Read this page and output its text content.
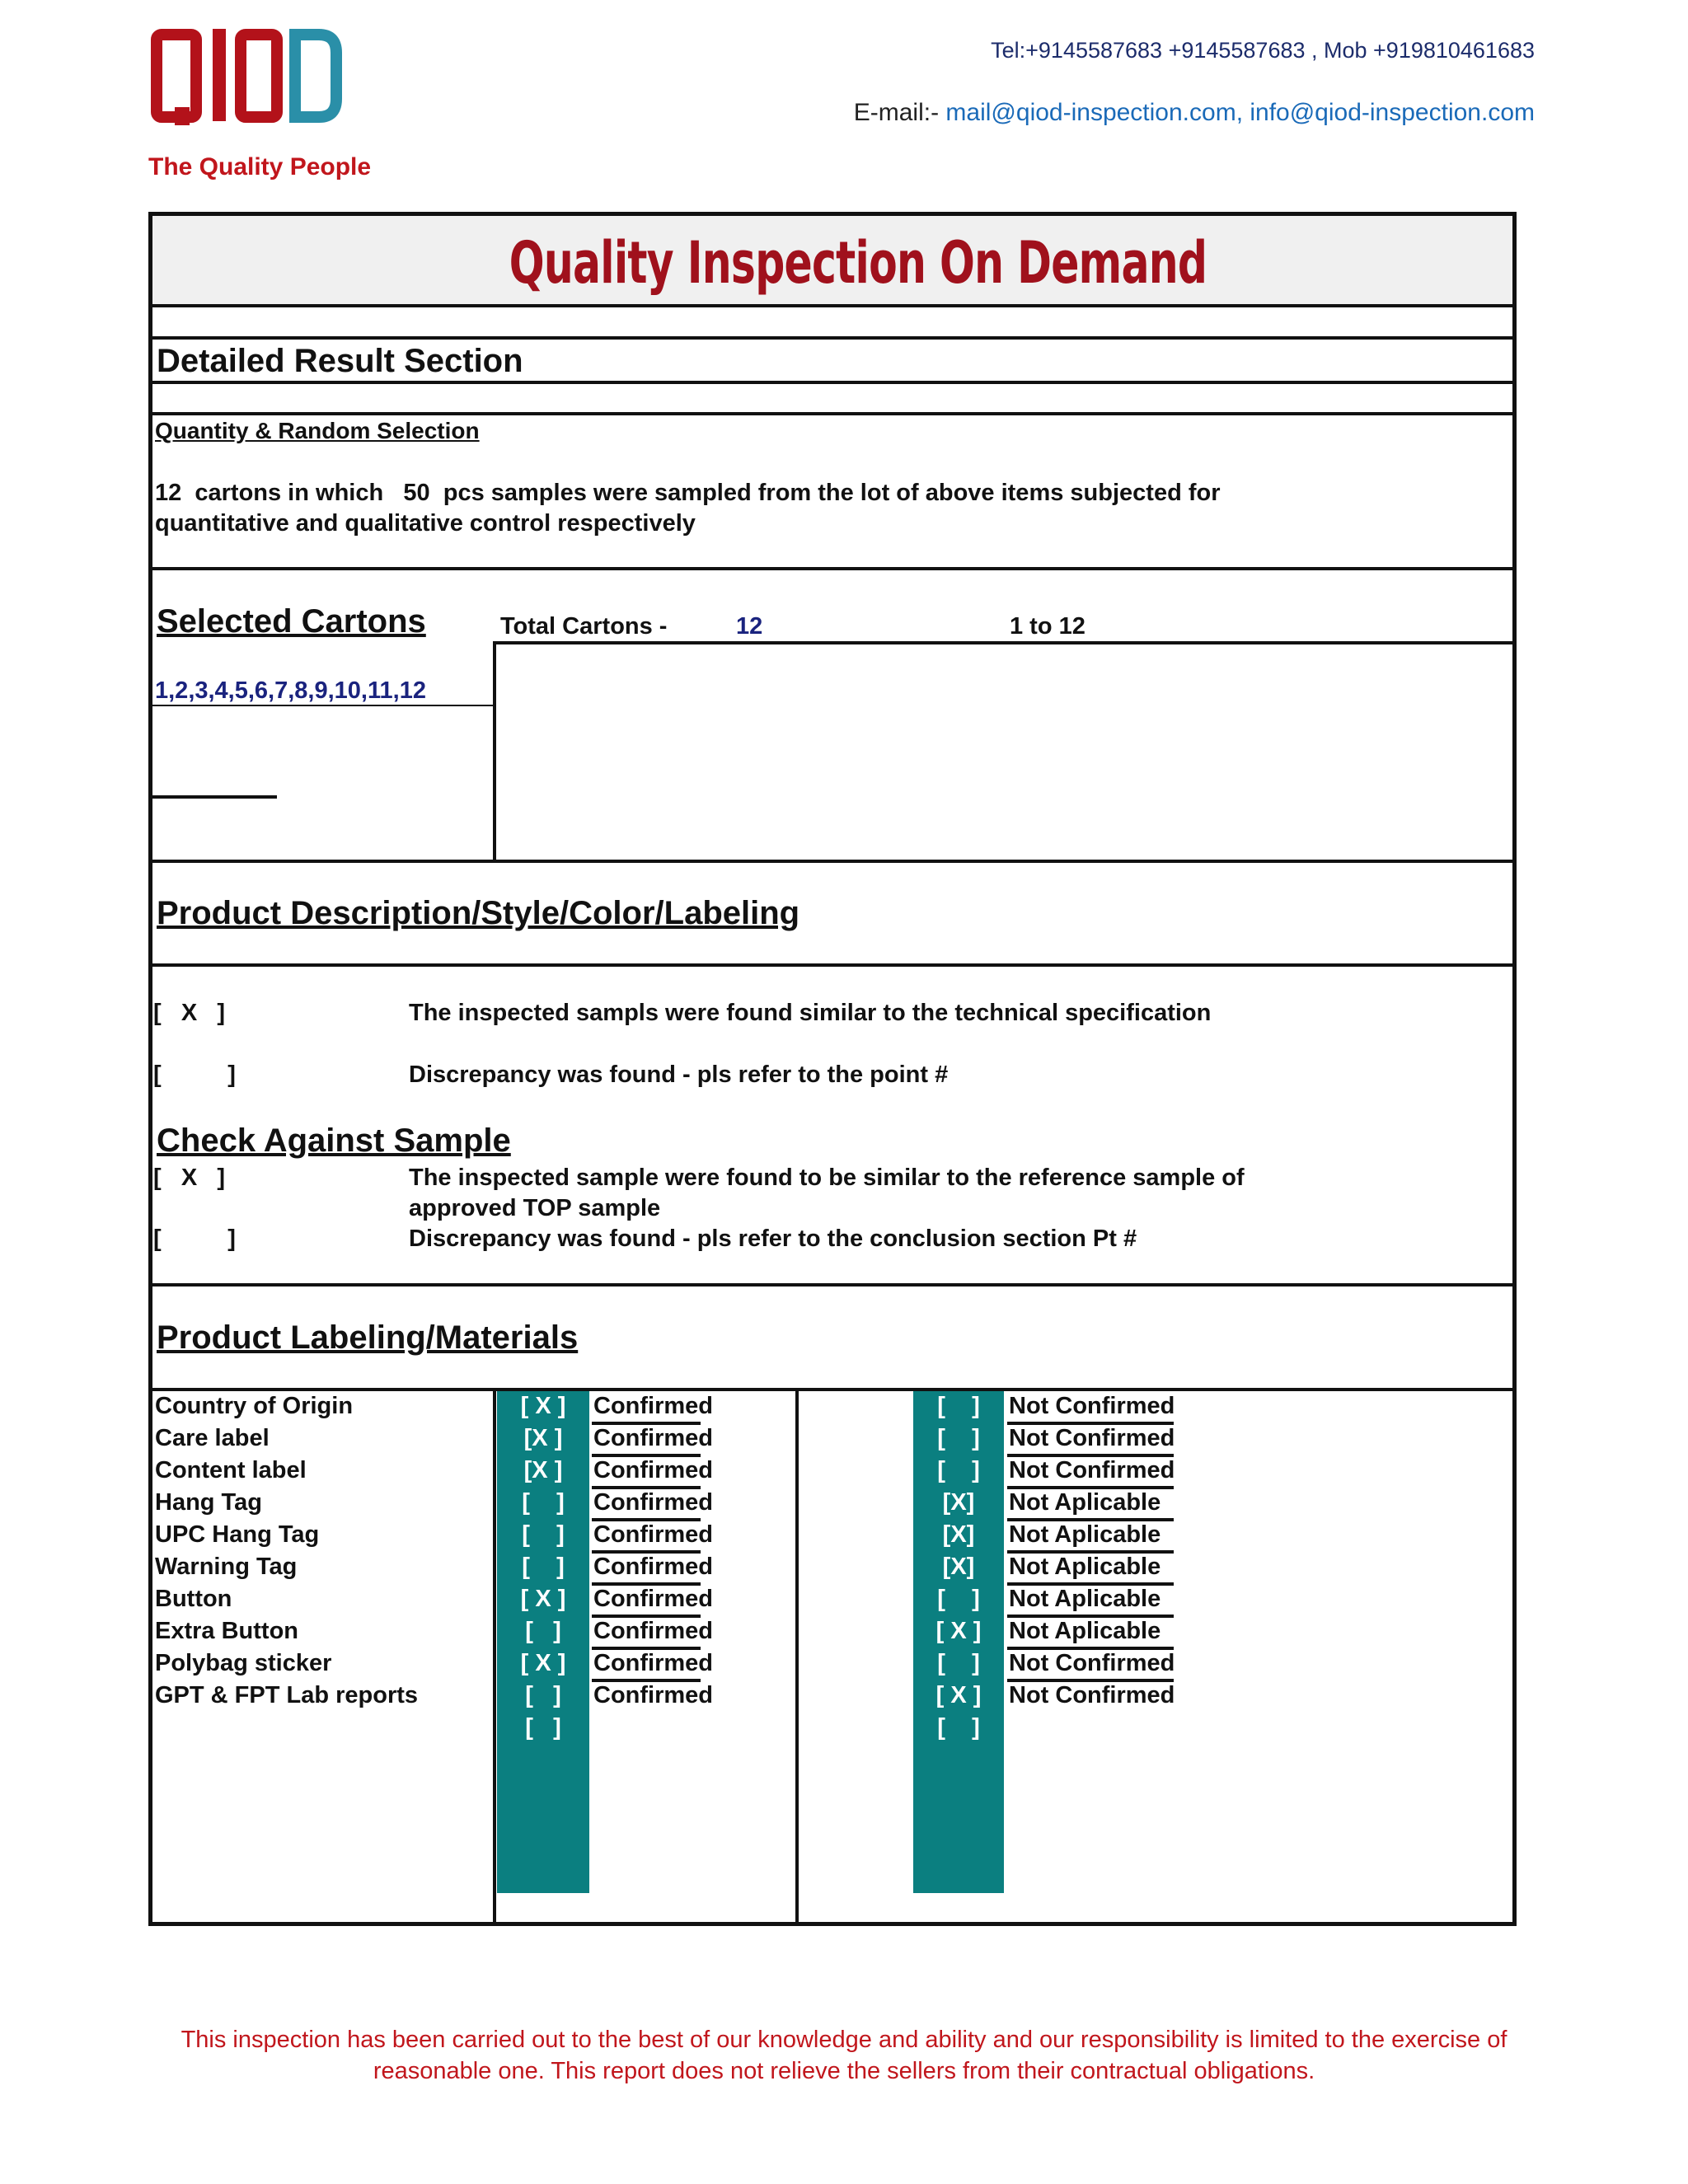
The Quality People
Tel:+9145587683 +9145587683 , Mob +919810461683
E-mail:- mail@qiod-inspection.com, info@qiod-inspection.com
Quality Inspection On Demand
Detailed Result Section
Quantity & Random Selection
12  cartons in which   50  pcs samples were sampled from the lot of above items subjected for
quantitative and qualitative control respectively
Selected Cartons	Total Cartons -	12	1 to 12
1,2,3,4,5,6,7,8,9,10,11,12
Product Description/Style/Color/Labeling
[   X   ]	The inspected sampls were found similar to the technical specification
[          ]	Discrepancy was found - pls refer to the point #
Check Against Sample
[   X   ]	The inspected sample were found to be similar to the reference sample of
approved TOP sample
[          ]	Discrepancy was found - pls refer to the conclusion section Pt #
Product Labeling/Materials
Country of Origin	[ X ]	Confirmed	[    ]	Not Confirmed
Care label	[X ]	Confirmed	[    ]	Not Confirmed
Content label	[X ]	Confirmed	[    ]	Not Confirmed
Hang Tag	[    ]	Confirmed	[X]	Not Aplicable
UPC Hang Tag	[    ]	Confirmed	[X]	Not Aplicable
Warning Tag	[    ]	Confirmed	[X]	Not Aplicable
Button	[ X ]	Confirmed	[    ]	Not Aplicable
Extra Button	[   ]	Confirmed	[ X ]	Not Aplicable
Polybag sticker	[ X ]	Confirmed	[    ]	Not Confirmed
GPT & FPT Lab reports	[   ]	Confirmed	[ X ]	Not Confirmed
[   ]	[    ]
This inspection has been carried out to the best of our knowledge and ability and our responsibility is limited to the exercise of
reasonable one. This report does not relieve the sellers from their contractual obligations.
